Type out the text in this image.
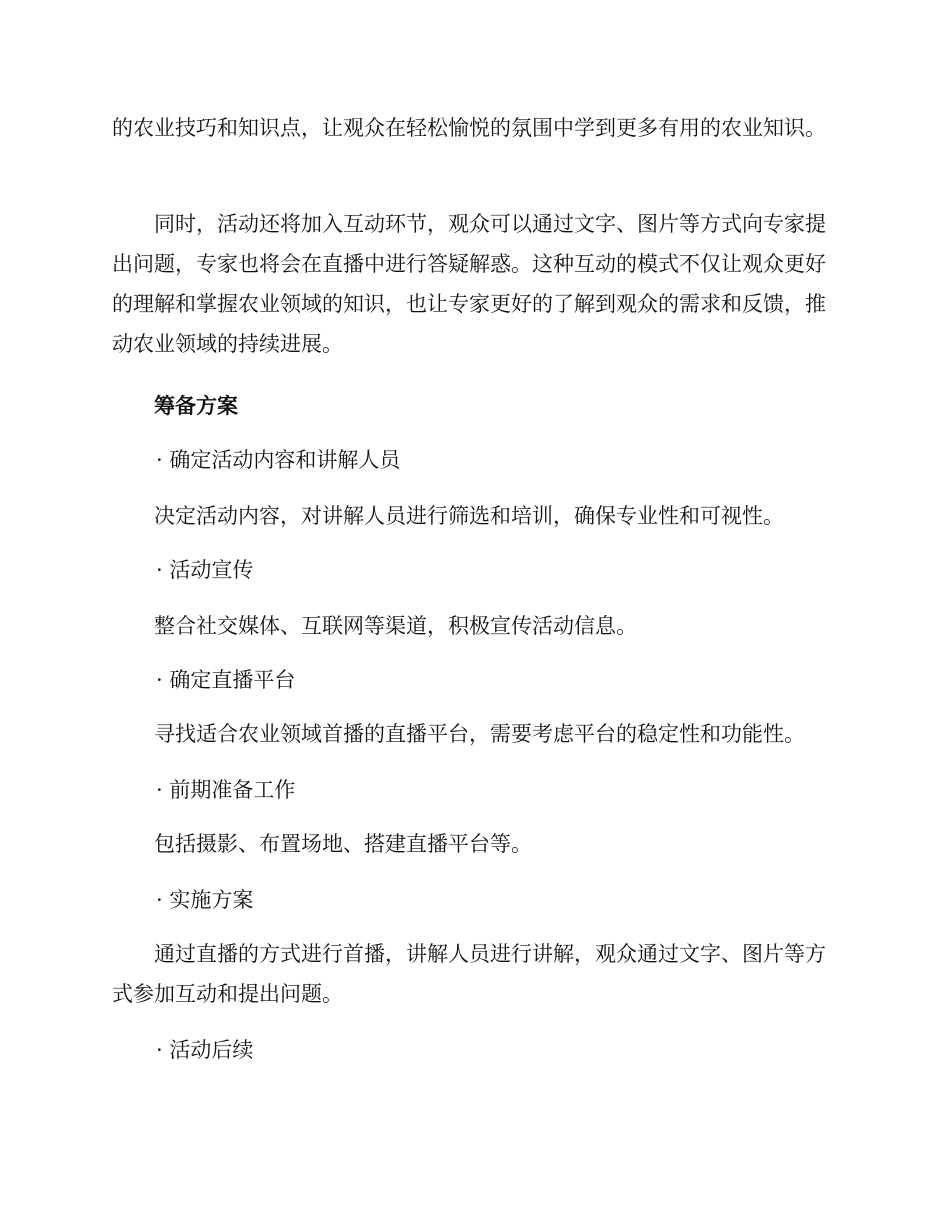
的农业技巧和知识点，让观众在轻松愉悦的氛围中学到更多有用的农业知识。

同时，活动还将加入互动环节，观众可以通过文字、图片等方式向专家提出问题，专家也将会在直播中进行答疑解惑。这种互动的模式不仅让观众更好的理解和掌握农业领域的知识，也让专家更好的了解到观众的需求和反馈，推动农业领域的持续进展。

筹备方案

· 确定活动内容和讲解人员

决定活动内容，对讲解人员进行筛选和培训，确保专业性和可视性。

· 活动宣传

整合社交媒体、互联网等渠道，积极宣传活动信息。

· 确定直播平台

寻找适合农业领域首播的直播平台，需要考虑平台的稳定性和功能性。

· 前期准备工作

包括摄影、布置场地、搭建直播平台等。

· 实施方案

通过直播的方式进行首播，讲解人员进行讲解，观众通过文字、图片等方式参加互动和提出问题。

· 活动后续
